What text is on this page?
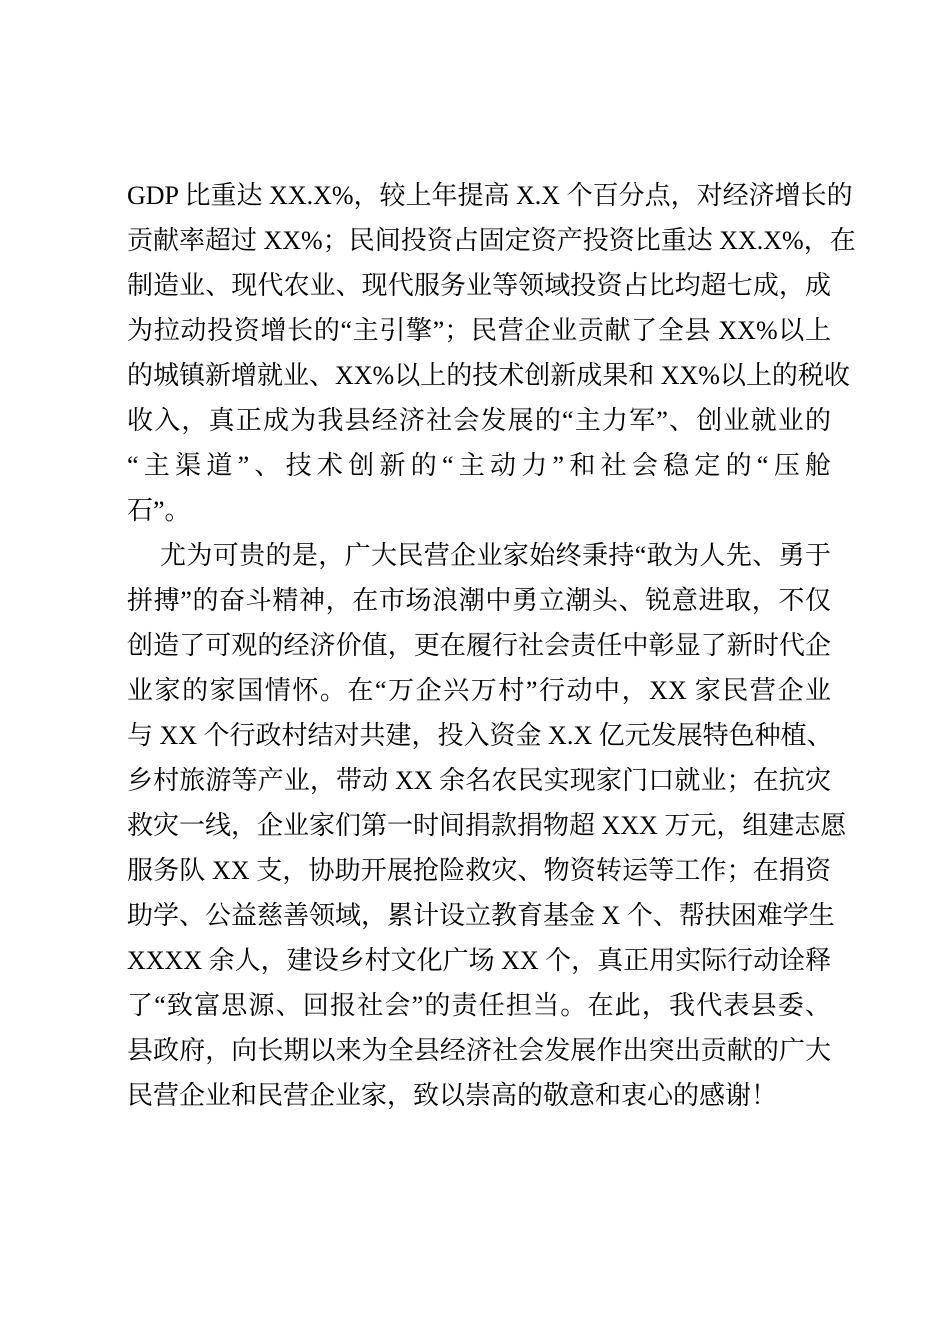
GDP 比重达 XX.X%，较上年提高 X.X 个百分点，对经济增长的
贡献率超过 XX%；民间投资占固定资产投资比重达 XX.X%，在
制造业、现代农业、现代服务业等领域投资占比均超七成，成
为拉动投资增长的“主引擎”；民营企业贡献了全县 XX%以上
的城镇新增就业、XX%以上的技术创新成果和 XX%以上的税收
收入，真正成为我县经济社会发展的“主力军”、创业就业的
“主渠道”、技术创新的“主动力”和社会稳定的“压舱
石”。
尤为可贵的是，广大民营企业家始终秉持“敢为人先、勇于
拼搏”的奋斗精神，在市场浪潮中勇立潮头、锐意进取，不仅
创造了可观的经济价值，更在履行社会责任中彰显了新时代企
业家的家国情怀。在“万企兴万村”行动中，XX 家民营企业
与 XX 个行政村结对共建，投入资金 X.X 亿元发展特色种植、
乡村旅游等产业，带动 XX 余名农民实现家门口就业；在抗灾
救灾一线，企业家们第一时间捐款捐物超 XXX 万元，组建志愿
服务队 XX 支，协助开展抢险救灾、物资转运等工作；在捐资
助学、公益慈善领域，累计设立教育基金 X 个、帮扶困难学生
XXXX 余人，建设乡村文化广场 XX 个，真正用实际行动诠释
了“致富思源、回报社会”的责任担当。在此，我代表县委、
县政府，向长期以来为全县经济社会发展作出突出贡献的广大
民营企业和民营企业家，致以崇高的敬意和衷心的感谢！
